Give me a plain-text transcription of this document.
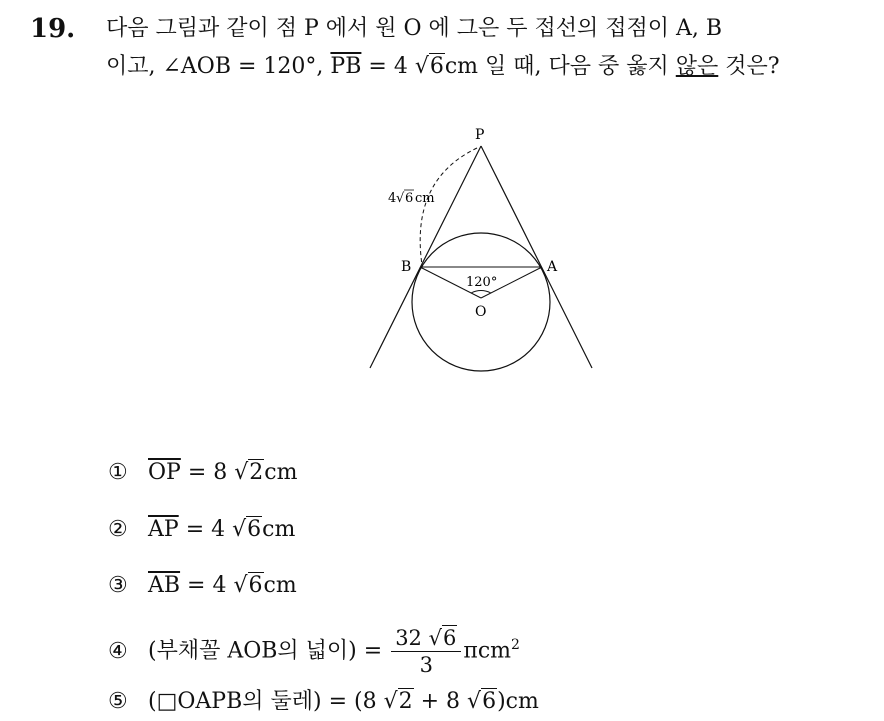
19. 다음 그림과 같이 점 P 에서 원 O 에 그은 두 접선의 접점이 A, B
이고, ∠AOB = 120°, $\overline{PB} = 4$ √6cm 일 때, 다음 중 옳지 않은 것은?
P
B	A
O
120°
4 √ 6 cm
① $\overline{OP} = 8$ √2cm
② $\overline{AP} = 4$ √6cm
③ $\overline{AB} = 4$ √6cm
④ (부채꼴 AOB의 넓이) = $\frac{32 √6}{3} \pi cm^2$
⑤ (□OAPB의 둘레) = (8 √2 + 8 √6)cm
